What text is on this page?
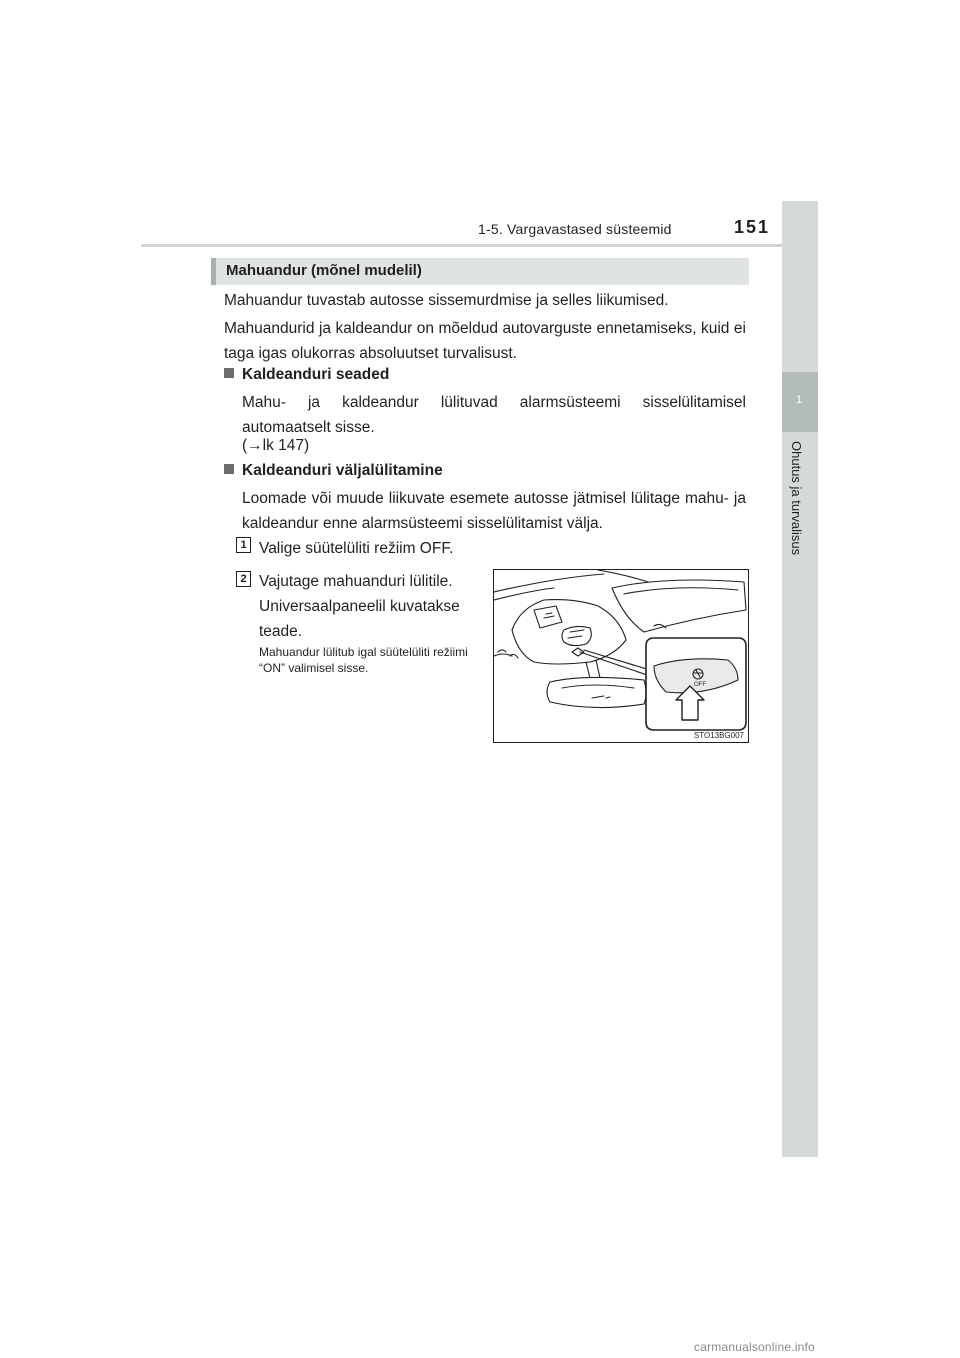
1-5. Vargavastased süsteemid	151
1
Ohutus ja turvalisus
Mahuandur (mõnel mudelil)
Mahuandur tuvastab autosse sissemurdmise ja selles liikumised.
Mahuandurid ja kaldeandur on mõeldud autovarguste ennetamiseks, kuid ei taga igas olukorras absoluutset turvalisust.
Kaldeanduri seaded
Mahu- ja kaldeandur lülituvad alarmsüsteemi sisselülitamisel automaatselt sisse.
(→lk 147)
Kaldeanduri väljalülitamine
Loomade või muude liikuvate esemete autosse jätmisel lülitage mahu- ja kaldeandur enne alarmsüsteemi sisselülitamist välja.
1 Valige süütelüliti režiim OFF.
2 Vajutage mahuanduri lülitile. Universaalpaneelil kuvatakse teade.
Mahuandur lülitub igal süütelüliti režiimi “ON” valimisel sisse.
OFF
STO13BG007
carmanualsonline.info
